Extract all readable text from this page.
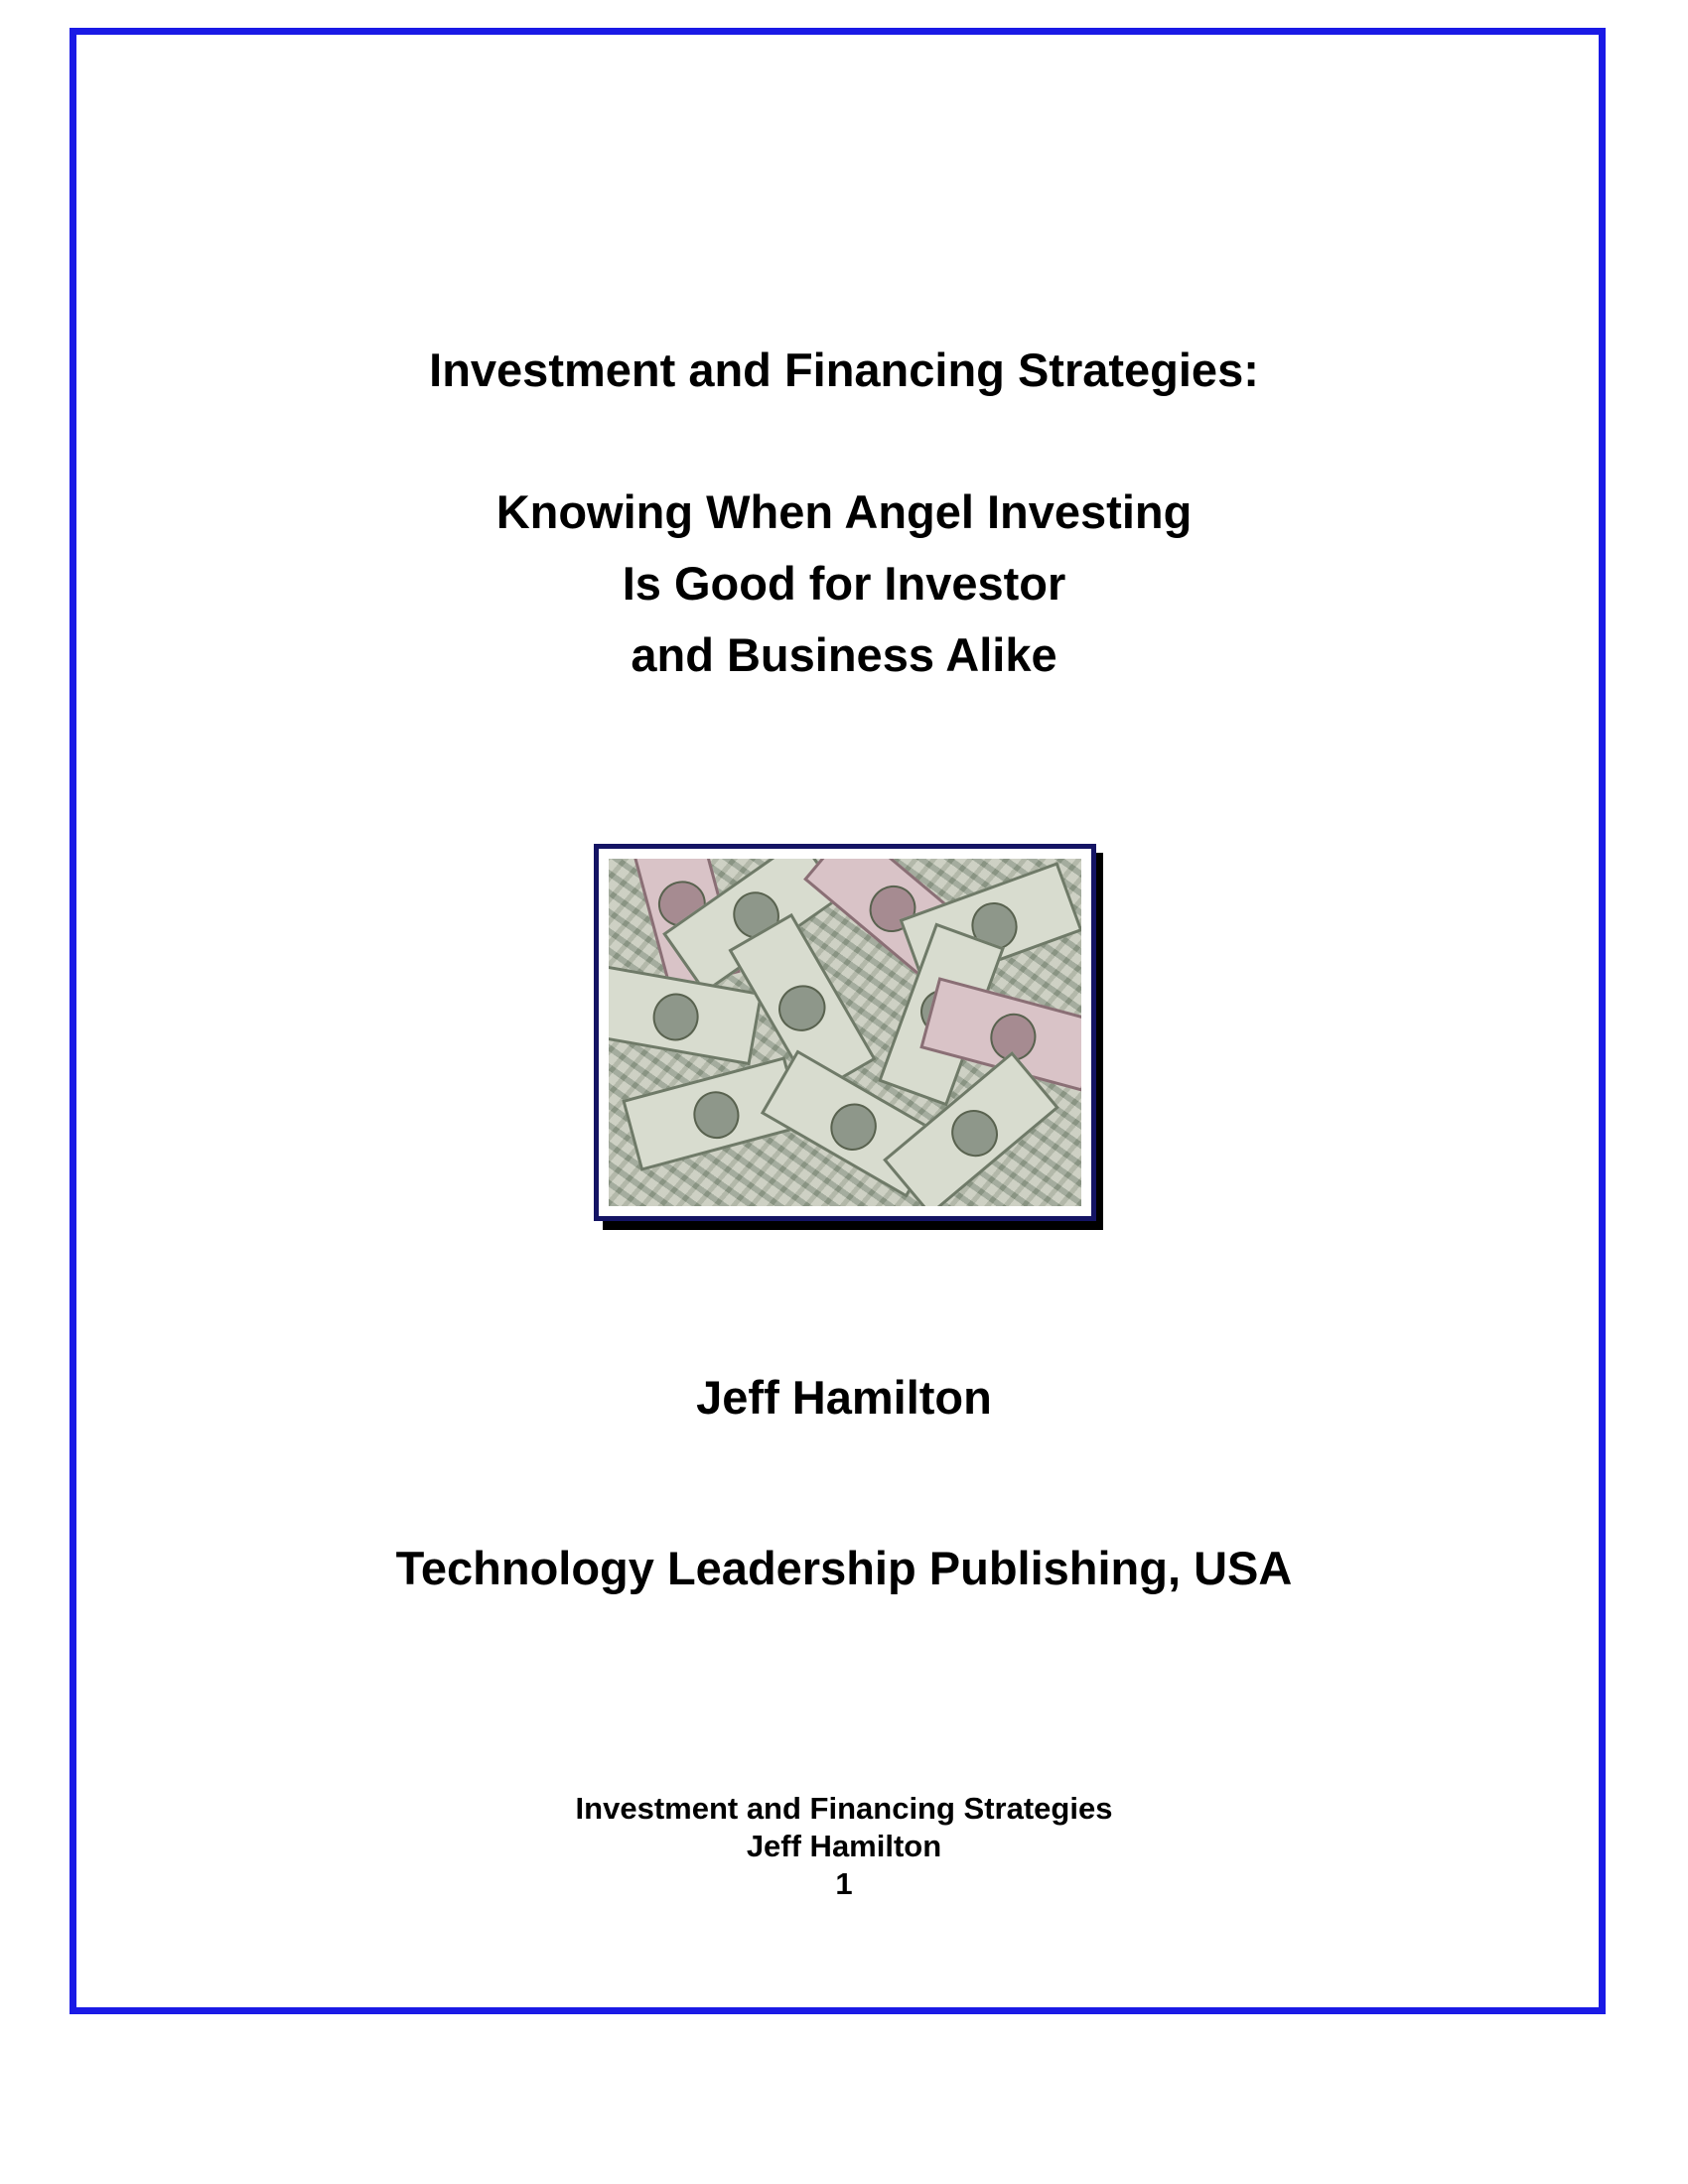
Investment and Financing Strategies:

Knowing When Angel Investing

Is Good for Investor

and Business Alike

Jeff Hamilton

Technology Leadership Publishing, USA

Investment and Financing Strategies

Jeff Hamilton

1
